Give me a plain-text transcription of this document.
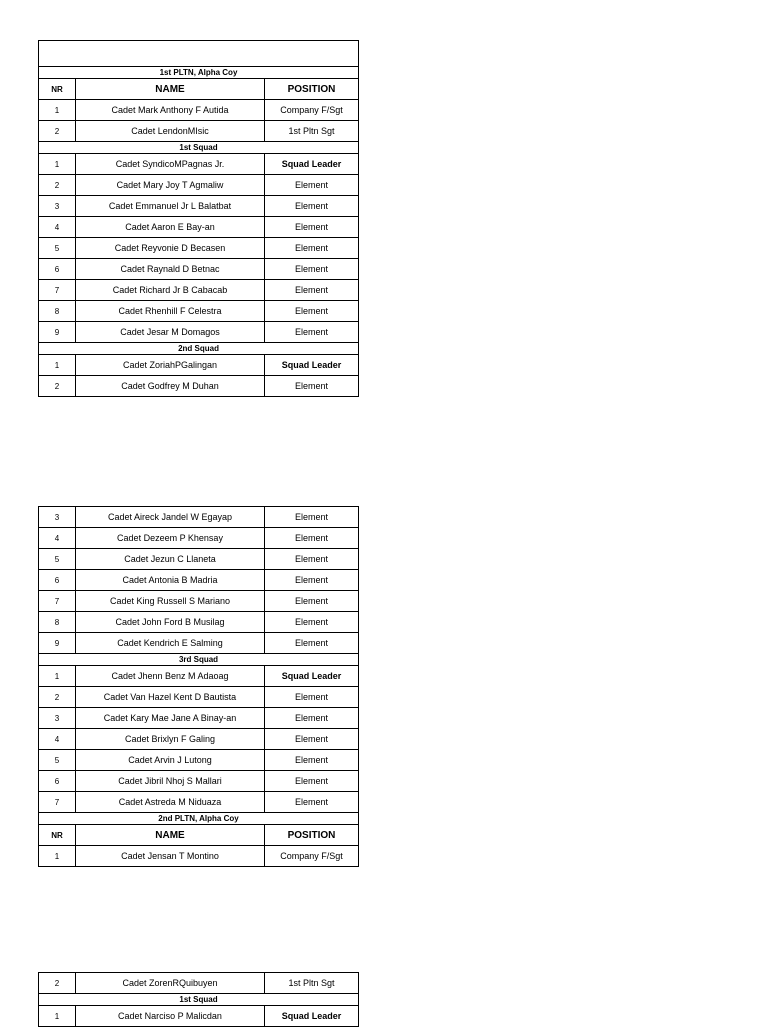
1st PLTN, Alpha Coy		
NR	NAME	POSITION
1	Cadet Mark Anthony F Autida	Company F/Sgt
2	Cadet LendonMIsic	1st Pltn Sgt
1st Squad		
1	Cadet SyndicoMPagnas Jr.	Squad Leader
2	Cadet Mary Joy T Agmaliw	Element
3	Cadet Emmanuel Jr L Balatbat	Element
4	Cadet Aaron E Bay-an	Element
5	Cadet Reyvonie D Becasen	Element
6	Cadet Raynald D Betnac	Element
7	Cadet Richard Jr B Cabacab	Element
8	Cadet Rhenhill F Celestra	Element
9	Cadet Jesar M Domagos	Element
2nd Squad		
1	Cadet ZoriahPGalingan	Squad Leader
2	Cadet Godfrey M Duhan	Element
3	Cadet Aireck Jandel W Egayap	Element
4	Cadet Dezeem P Khensay	Element
5	Cadet Jezun C Llaneta	Element
6	Cadet Antonia B Madria	Element
7	Cadet King Russell S Mariano	Element
8	Cadet John Ford B Musilag	Element
9	Cadet Kendrich E Salming	Element
3rd Squad		
1	Cadet Jhenn Benz M Adaoag	Squad Leader
2	Cadet Van Hazel Kent D Bautista	Element
3	Cadet Kary Mae Jane A Binay-an	Element
4	Cadet Brixlyn F Galing	Element
5	Cadet Arvin J Lutong	Element
6	Cadet Jibril Nhoj S Mallari	Element
7	Cadet Astreda M Niduaza	Element
2nd PLTN, Alpha Coy		
NR	NAME	POSITION
1	Cadet Jensan T Montino	Company F/Sgt
2	Cadet ZorenRQuibuyen	1st Pltn Sgt
1st Squad		
1	Cadet Narciso P Malicdan	Squad Leader
